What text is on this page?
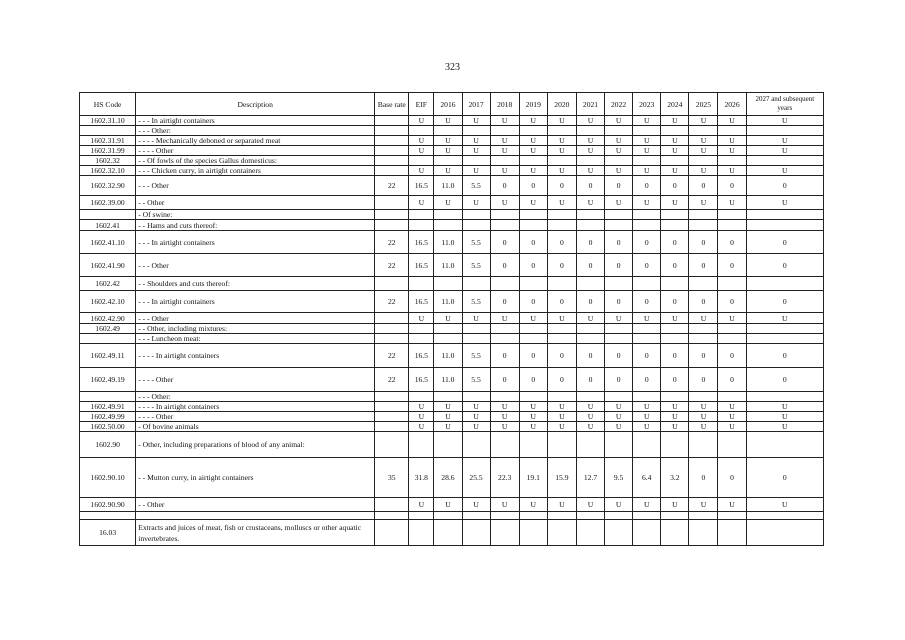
323
HS Code	Description	Base rate	EIF	2016	2017	2018	2019	2020	2021	2022	2023	2024	2025	2026	2027 and subsequent years
1602.31.10	- - - In airtight containers		U	U	U	U	U	U	U	U	U	U	U	U	U
	- - - Other:														
1602.31.91	- - - - Mechanically deboned or separated meat		U	U	U	U	U	U	U	U	U	U	U	U	U
1602.31.99	- - - - Other		U	U	U	U	U	U	U	U	U	U	U	U	U
1602.32	- - Of fowls of the species Gallus domesticus:														
1602.32.10	- - - Chicken curry, in airtight containers		U	U	U	U	U	U	U	U	U	U	U	U	U
1602.32.90	- - - Other	22	16.5	11.0	5.5	0	0	0	0	0	0	0	0	0	0
1602.39.00	- - Other		U	U	U	U	U	U	U	U	U	U	U	U	U
	- Of swine:														
1602.41	- - Hams and cuts thereof:														
1602.41.10	- - - In airtight containers	22	16.5	11.0	5.5	0	0	0	0	0	0	0	0	0	0
1602.41.90	- - - Other	22	16.5	11.0	5.5	0	0	0	0	0	0	0	0	0	0
1602.42	- - Shoulders and cuts thereof:														
1602.42.10	- - - In airtight containers	22	16.5	11.0	5.5	0	0	0	0	0	0	0	0	0	0
1602.42.90	- - - Other		U	U	U	U	U	U	U	U	U	U	U	U	U
1602.49	- - Other, including mixtures:														
	- - - Luncheon meat:														
1602.49.11	- - - - In airtight containers	22	16.5	11.0	5.5	0	0	0	0	0	0	0	0	0	0
1602.49.19	- - - - Other	22	16.5	11.0	5.5	0	0	0	0	0	0	0	0	0	0
	- - - Other:														
1602.49.91	- - - - In airtight containers		U	U	U	U	U	U	U	U	U	U	U	U	U
1602.49.99	- - - - Other		U	U	U	U	U	U	U	U	U	U	U	U	U
1602.50.00	- Of bovine animals		U	U	U	U	U	U	U	U	U	U	U	U	U
1602.90	- Other, including preparations of blood of any animal:														
1602.90.10	- - Mutton curry, in airtight containers	35	31.8	28.6	25.5	22.3	19.1	15.9	12.7	9.5	6.4	3.2	0	0	0
1602.90.90	- - Other		U	U	U	U	U	U	U	U	U	U	U	U	U

16.03	Extracts and juices of meat, fish or crustaceans, molluscs or other aquatic invertebrates.														
